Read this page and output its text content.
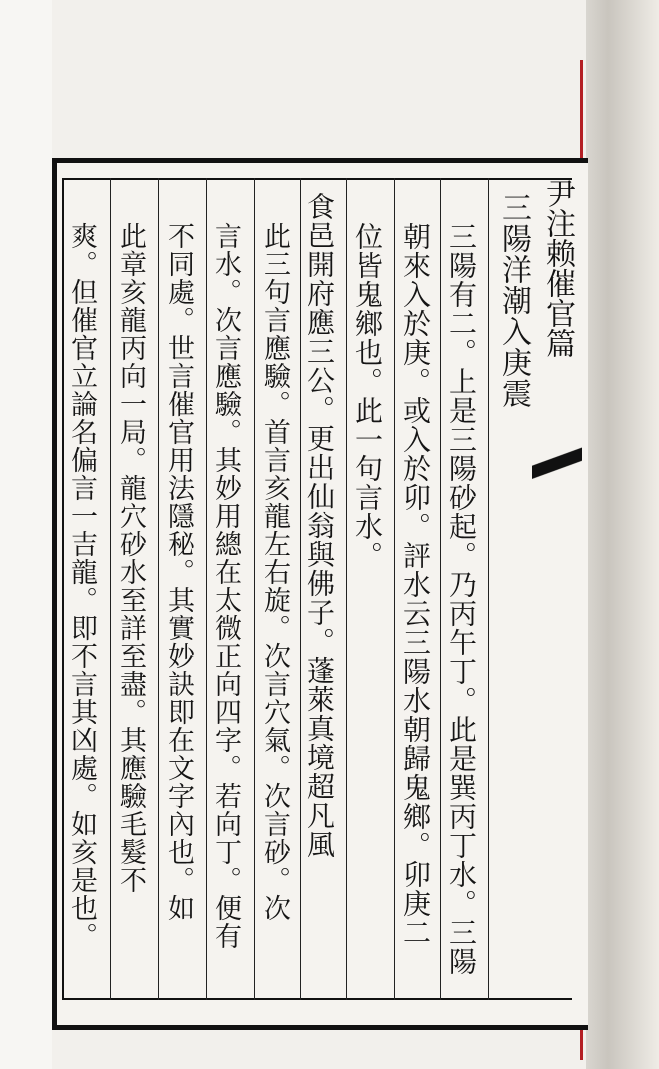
尹注赖催官篇
三陽洋潮入庚震
三陽有二。上是三陽砂起。乃丙午丁。此是巽丙丁水。三陽
朝來入於庚。或入於卯。評水云三陽水朝歸鬼鄉。卯庚二
位皆鬼鄉也。此一句言水。
食邑開府應三公。更出仙翁與佛子。蓬萊真境超凡風
此三句言應驗。首言亥龍左右旋。次言穴氣。次言砂。次
言水。次言應驗。其妙用總在太微正向四字。若向丁。便有
不同處。世言催官用法隱秘。其實妙訣即在文字內也。如
此章亥龍丙向一局。龍穴砂水至詳至盡。其應驗毛髮不
爽。但催官立論名偏言一吉龍。即不言其凶處。如亥是也。
